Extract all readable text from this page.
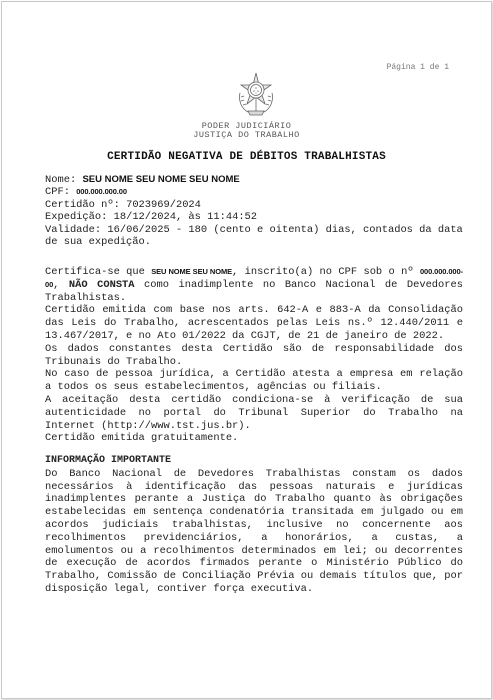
Página 1 de 1
PODER JUDICIÁRIO
JUSTIÇA DO TRABALHO
CERTIDÃO NEGATIVA DE DÉBITOS TRABALHISTAS
Nome: SEU NOME SEU NOME SEU NOME
CPF: 000.000.000.00
Certidão nº: 7023969/2024
Expedição: 18/12/2024, às 11:44:52
Validade: 16/06/2025 - 180 (cento e oitenta) dias, contados da data
de sua expedição.
Certifica-se que SEU NOME SEU NOME, inscrito(a) no CPF sob o nº 000.000.000-00, NÃO CONSTA como inadimplente no Banco Nacional de Devedores Trabalhistas.
Certidão emitida com base nos arts. 642-A e 883-A da Consolidação das Leis do Trabalho, acrescentados pelas Leis ns.º 12.440/2011 e 13.467/2017, e no Ato 01/2022 da CGJT, de 21 de janeiro de 2022.
Os dados constantes desta Certidão são de responsabilidade dos Tribunais do Trabalho.
No caso de pessoa jurídica, a Certidão atesta a empresa em relação a todos os seus estabelecimentos, agências ou filiais.
A aceitação desta certidão condiciona-se à verificação de sua autenticidade no portal do Tribunal Superior do Trabalho na Internet (http://www.tst.jus.br).
Certidão emitida gratuitamente.
INFORMAÇÃO IMPORTANTE
Do Banco Nacional de Devedores Trabalhistas constam os dados necessários à identificação das pessoas naturais e jurídicas inadimplentes perante a Justiça do Trabalho quanto às obrigações estabelecidas em sentença condenatória transitada em julgado ou em acordos judiciais trabalhistas, inclusive no concernente aos recolhimentos previdenciários, a honorários, a custas, a emolumentos ou a recolhimentos determinados em lei; ou decorrentes de execução de acordos firmados perante o Ministério Público do Trabalho, Comissão de Conciliação Prévia ou demais títulos que, por disposição legal, contiver força executiva.
